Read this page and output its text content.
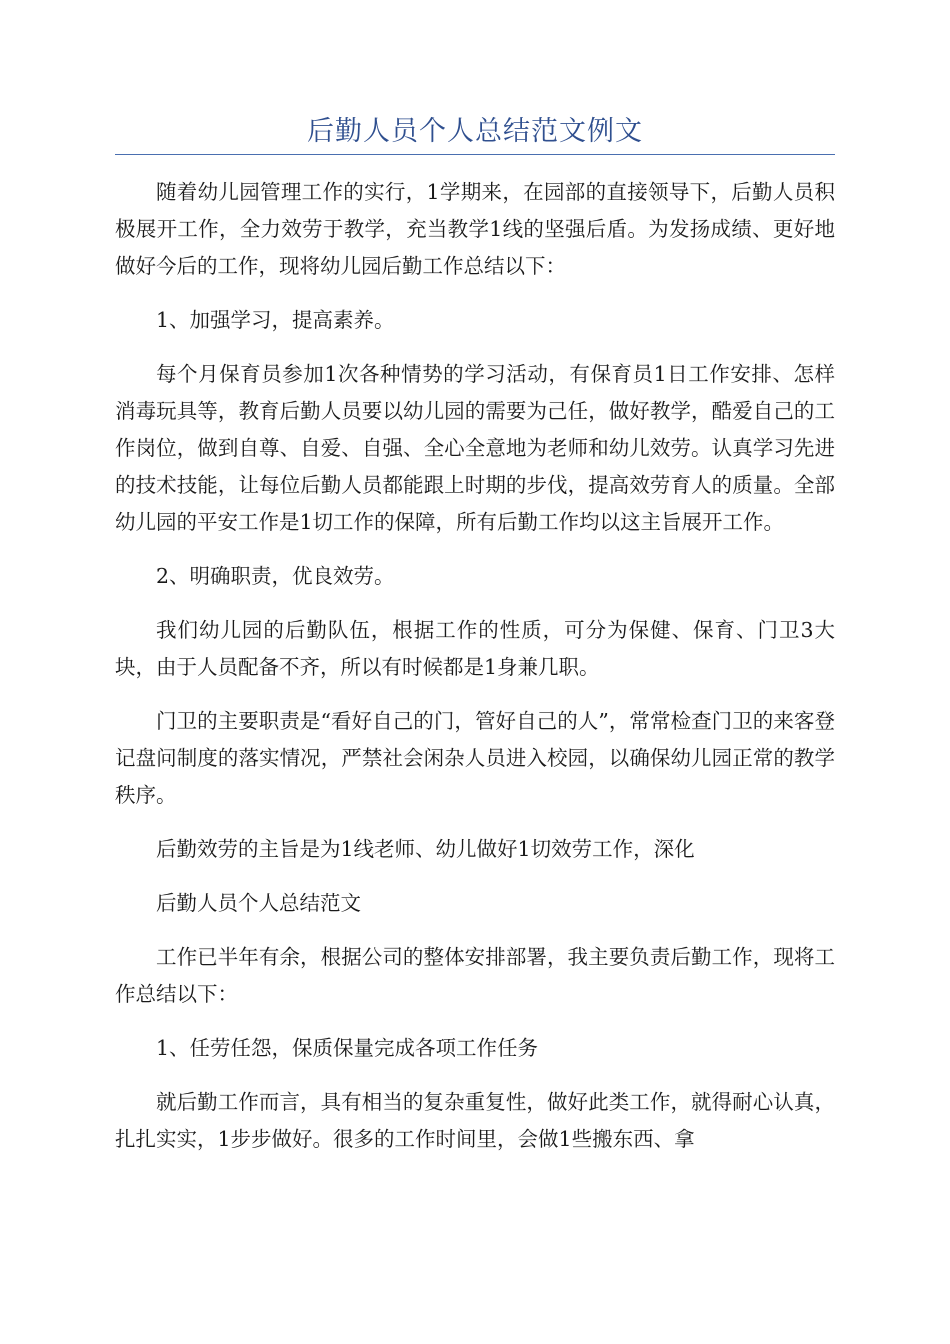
后勤人员个人总结范文例文

随着幼儿园管理工作的实行，1学期来，在园部的直接领导下，后勤人员积极展开工作，全力效劳于教学，充当教学1线的坚强后盾。为发扬成绩、更好地做好今后的工作，现将幼儿园后勤工作总结以下：

1、加强学习，提高素养。

每个月保育员参加1次各种情势的学习活动，有保育员1日工作安排、怎样消毒玩具等，教育后勤人员要以幼儿园的需要为己任，做好教学，酷爱自己的工作岗位，做到自尊、自爱、自强、全心全意地为老师和幼儿效劳。认真学习先进的技术技能，让每位后勤人员都能跟上时期的步伐，提高效劳育人的质量。全部幼儿园的平安工作是1切工作的保障，所有后勤工作均以这主旨展开工作。

2、明确职责，优良效劳。

我们幼儿园的后勤队伍，根据工作的性质，可分为保健、保育、门卫3大块，由于人员配备不齐，所以有时候都是1身兼几职。

门卫的主要职责是“看好自己的门，管好自己的人”，常常检查门卫的来客登记盘问制度的落实情况，严禁社会闲杂人员进入校园，以确保幼儿园正常的教学秩序。

后勤效劳的主旨是为1线老师、幼儿做好1切效劳工作，深化

后勤人员个人总结范文

工作已半年有余，根据公司的整体安排部署，我主要负责后勤工作，现将工作总结以下：

1、任劳任怨，保质保量完成各项工作任务

就后勤工作而言，具有相当的复杂重复性，做好此类工作，就得耐心认真，扎扎实实，1步步做好。很多的工作时间里，会做1些搬东西、拿
